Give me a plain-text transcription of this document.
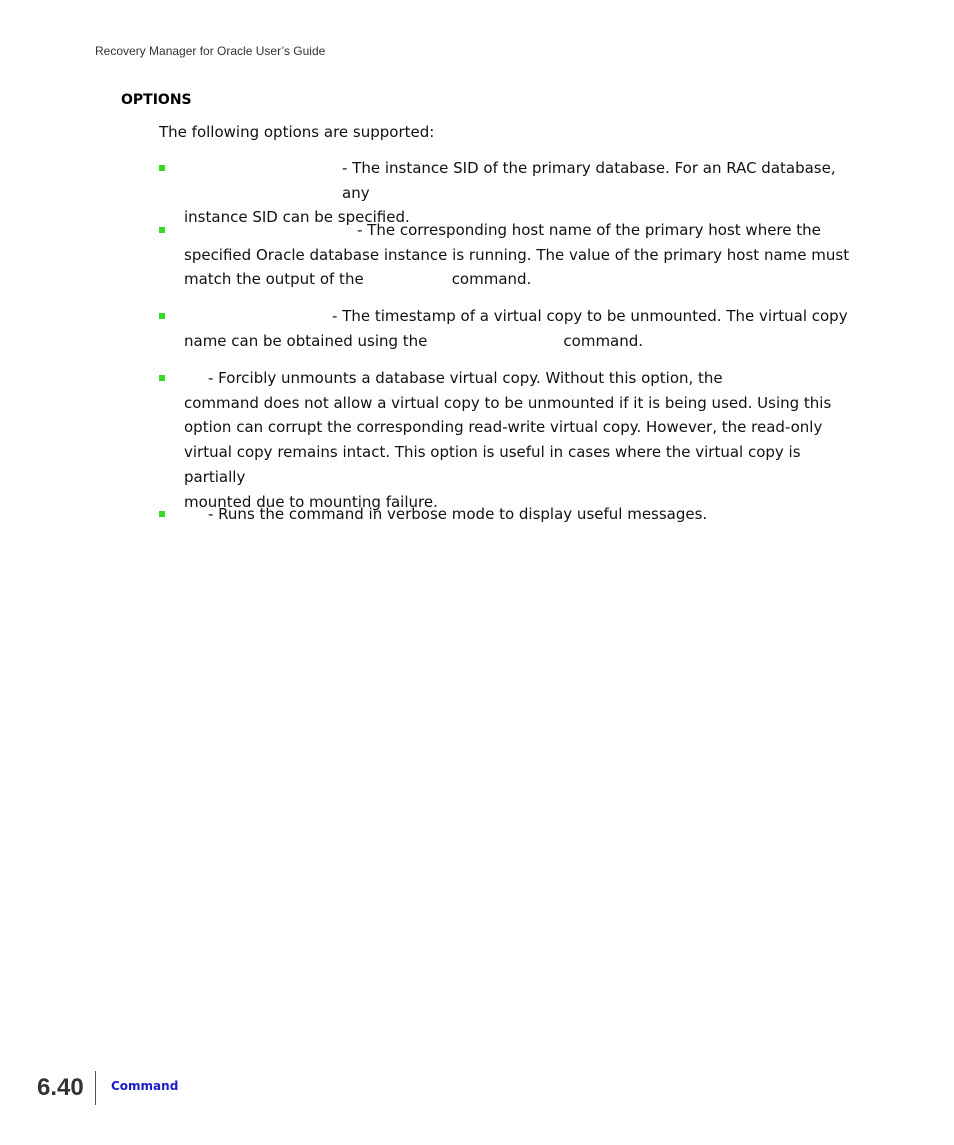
Recovery Manager for Oracle User’s Guide
OPTIONS
The following options are supported:
- The instance SID of the primary database. For an RAC database, any
instance SID can be specified.
- The corresponding host name of the primary host where the
specified Oracle database instance is running. The value of the primary host name must
match the output of the	command.
- The timestamp of a virtual copy to be unmounted. The virtual copy
name can be obtained using the	command.
- Forcibly unmounts a database virtual copy. Without this option, the
command does not allow a virtual copy to be unmounted if it is being used. Using this
option can corrupt the corresponding read-write virtual copy. However, the read-only
virtual copy remains intact. This option is useful in cases where the virtual copy is partially
mounted due to mounting failure.
- Runs the command in verbose mode to display useful messages.
6.40 Command
